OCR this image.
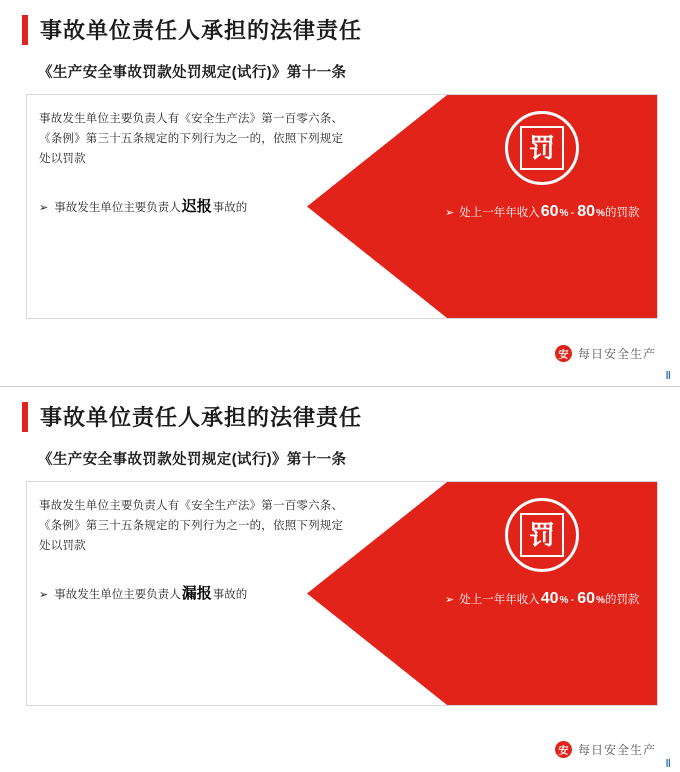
事故单位责任人承担的法律责任
《生产安全事故罚款处罚规定(试行)》第十一条
事故发生单位主要负责人有《安全生产法》第一百零六条、《条例》第三十五条规定的下列行为之一的，依照下列规定处以罚款
➢ 事故发生单位主要负责人 迟报 事故的
罚
➢ 处上一年年收入 60 % - 80 % 的罚款
安 每日安全生产
‖
事故单位责任人承担的法律责任
《生产安全事故罚款处罚规定(试行)》第十一条
事故发生单位主要负责人有《安全生产法》第一百零六条、《条例》第三十五条规定的下列行为之一的，依照下列规定处以罚款
➢ 事故发生单位主要负责人 漏报 事故的
罚
➢ 处上一年年收入 40 % - 60 % 的罚款
安 每日安全生产
‖
